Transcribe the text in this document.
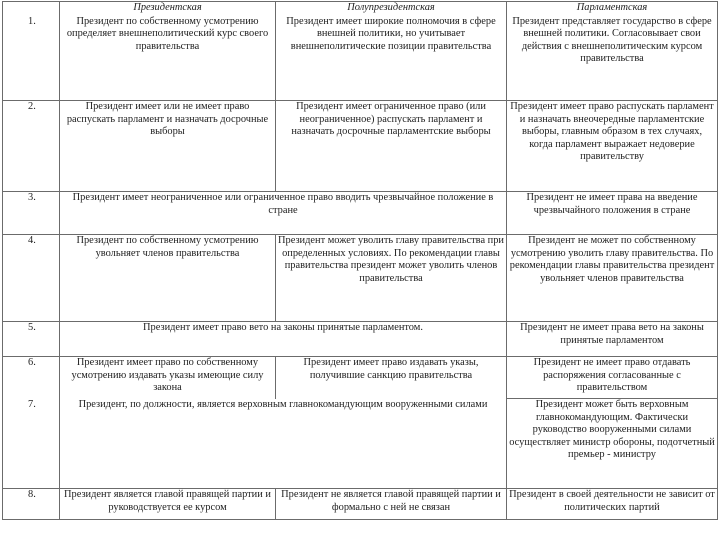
	Президентская	Полупрезидентская	Парламентская
1.	Президент по собственному усмотрению определяет внешнеполитический курс своего правительства	Президент имеет широкие полномочия в сфере внешней политики, но учитывает внешнеполитические позиции правительства	Президент представляет государство в сфере внешней политики. Согласовывает свои действия с внешнеполитическим курсом правительства
2.	Президент имеет или не имеет право распускать парламент и назначать досрочные выборы	Президент имеет ограниченное право (или неограниченное) распускать парламент и назначать досрочные парламентские выборы	Президент имеет право распускать парламент и назначать внеочередные парламентские выборы, главным образом в тех случаях, когда парламент выражает недоверие правительству
3.	Президент имеет неограниченное или ограниченное право вводить чрезвычайное положение в стране		Президент не имеет права на введение чрезвычайного положения в стране
4.	Президент по собственному усмотрению увольняет членов правительства	Президент может уволить главу правительства при определенных условиях. По рекомендации главы правительства президент может уволить членов правительства	Президент не может по собственному усмотрению уволить главу правительства. По рекомендации главы правительства президент увольняет членов правительства
5.	Президент имеет право вето на законы принятые парламентом.		Президент не имеет права вето на законы принятые парламентом
6.	Президент имеет право по собственному усмотрению издавать указы имеющие силу закона	Президент имеет право издавать указы, получившие санкцию правительства	Президент не имеет право отдавать распоряжения согласованные с правительством
7.	Президент, по должности, является верховным главнокомандующим вооруженными силами		Президент может быть верховным главнокомандующим. Фактически руководство вооруженными силами осуществляет министр обороны, подотчетный премьер - министру
8.	Президент является главой правящей партии и руководствуется ее курсом	Президент не является главой правящей партии и формально с ней не связан	Президент в своей деятельности не зависит от политических партий
